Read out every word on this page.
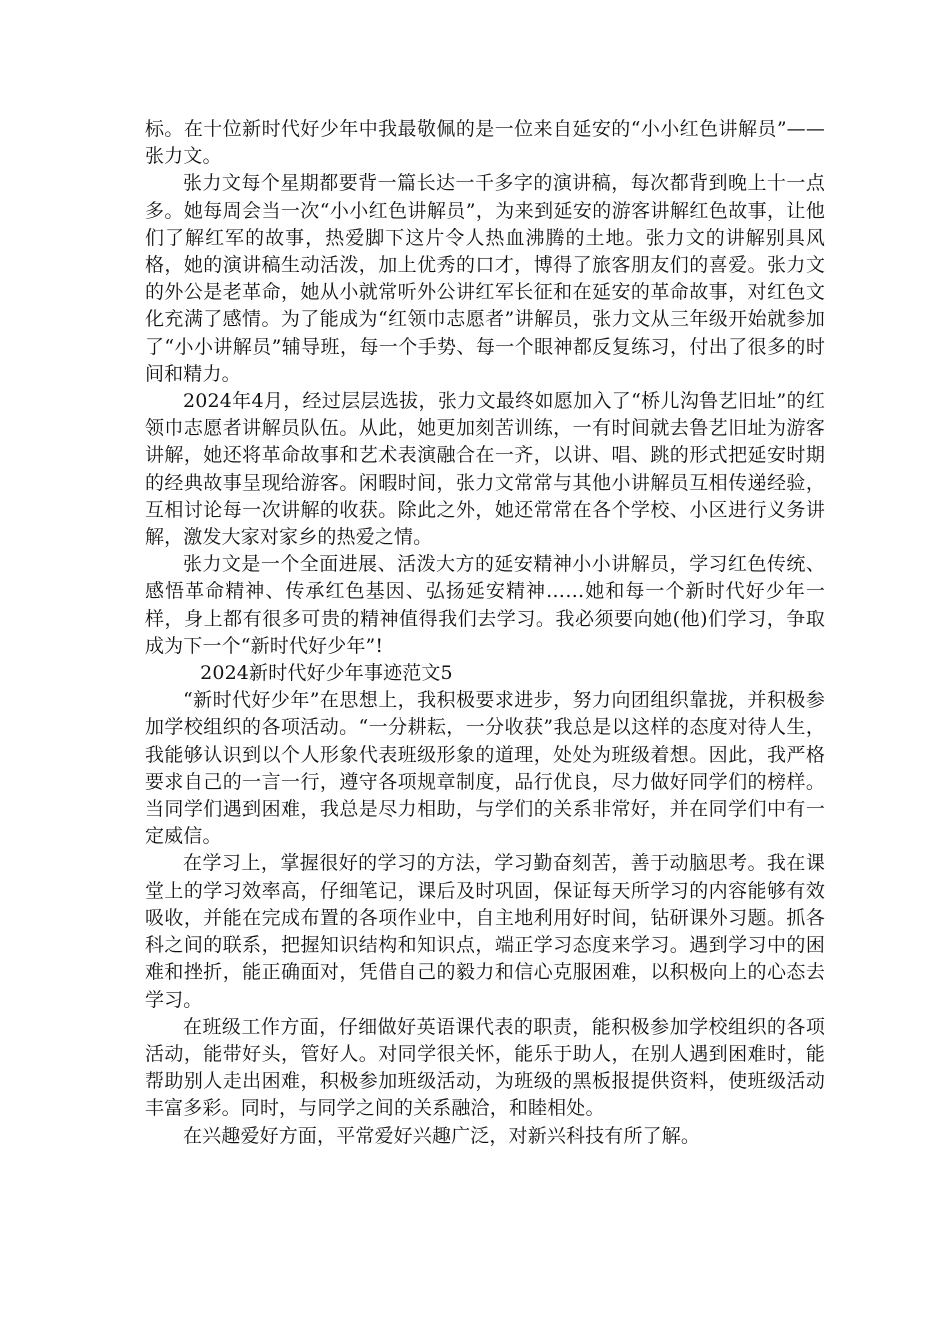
标。在十位新时代好少年中我最敬佩的是一位来自延安的“小小红色讲解员”——张力文。

张力文每个星期都要背一篇长达一千多字的演讲稿，每次都背到晚上十一点多。她每周会当一次“小小红色讲解员”，为来到延安的游客讲解红色故事，让他们了解红军的故事，热爱脚下这片令人热血沸腾的土地。张力文的讲解别具风格，她的演讲稿生动活泼，加上优秀的口才，博得了旅客朋友们的喜爱。张力文的外公是老革命，她从小就常听外公讲红军长征和在延安的革命故事，对红色文化充满了感情。为了能成为“红领巾志愿者”讲解员，张力文从三年级开始就参加了“小小讲解员”辅导班，每一个手势、每一个眼神都反复练习，付出了很多的时间和精力。

2024年4月，经过层层选拔，张力文最终如愿加入了“桥儿沟鲁艺旧址”的红领巾志愿者讲解员队伍。从此，她更加刻苦训练，一有时间就去鲁艺旧址为游客讲解，她还将革命故事和艺术表演融合在一齐，以讲、唱、跳的形式把延安时期的经典故事呈现给游客。闲暇时间，张力文常常与其他小讲解员互相传递经验，互相讨论每一次讲解的收获。除此之外，她还常常在各个学校、小区进行义务讲解，激发大家对家乡的热爱之情。

张力文是一个全面进展、活泼大方的延安精神小小讲解员，学习红色传统、感悟革命精神、传承红色基因、弘扬延安精神……她和每一个新时代好少年一样，身上都有很多可贵的精神值得我们去学习。我必须要向她(他)们学习，争取成为下一个“新时代好少年”!

2024新时代好少年事迹范文5

“新时代好少年”在思想上，我积极要求进步，努力向团组织靠拢，并积极参加学校组织的各项活动。“一分耕耘，一分收获”我总是以这样的态度对待人生，我能够认识到以个人形象代表班级形象的道理，处处为班级着想。因此，我严格要求自己的一言一行，遵守各项规章制度，品行优良，尽力做好同学们的榜样。当同学们遇到困难，我总是尽力相助，与学们的关系非常好，并在同学们中有一定威信。

在学习上，掌握很好的学习的方法，学习勤奋刻苦，善于动脑思考。我在课堂上的学习效率高，仔细笔记，课后及时巩固，保证每天所学习的内容能够有效吸收，并能在完成布置的各项作业中，自主地利用好时间，钻研课外习题。抓各科之间的联系，把握知识结构和知识点，端正学习态度来学习。遇到学习中的困难和挫折，能正确面对，凭借自己的毅力和信心克服困难，以积极向上的心态去学习。

在班级工作方面，仔细做好英语课代表的职责，能积极参加学校组织的各项活动，能带好头，管好人。对同学很关怀，能乐于助人，在别人遇到困难时，能帮助别人走出困难，积极参加班级活动，为班级的黑板报提供资料，使班级活动丰富多彩。同时，与同学之间的关系融洽，和睦相处。

在兴趣爱好方面，平常爱好兴趣广泛，对新兴科技有所了解。
